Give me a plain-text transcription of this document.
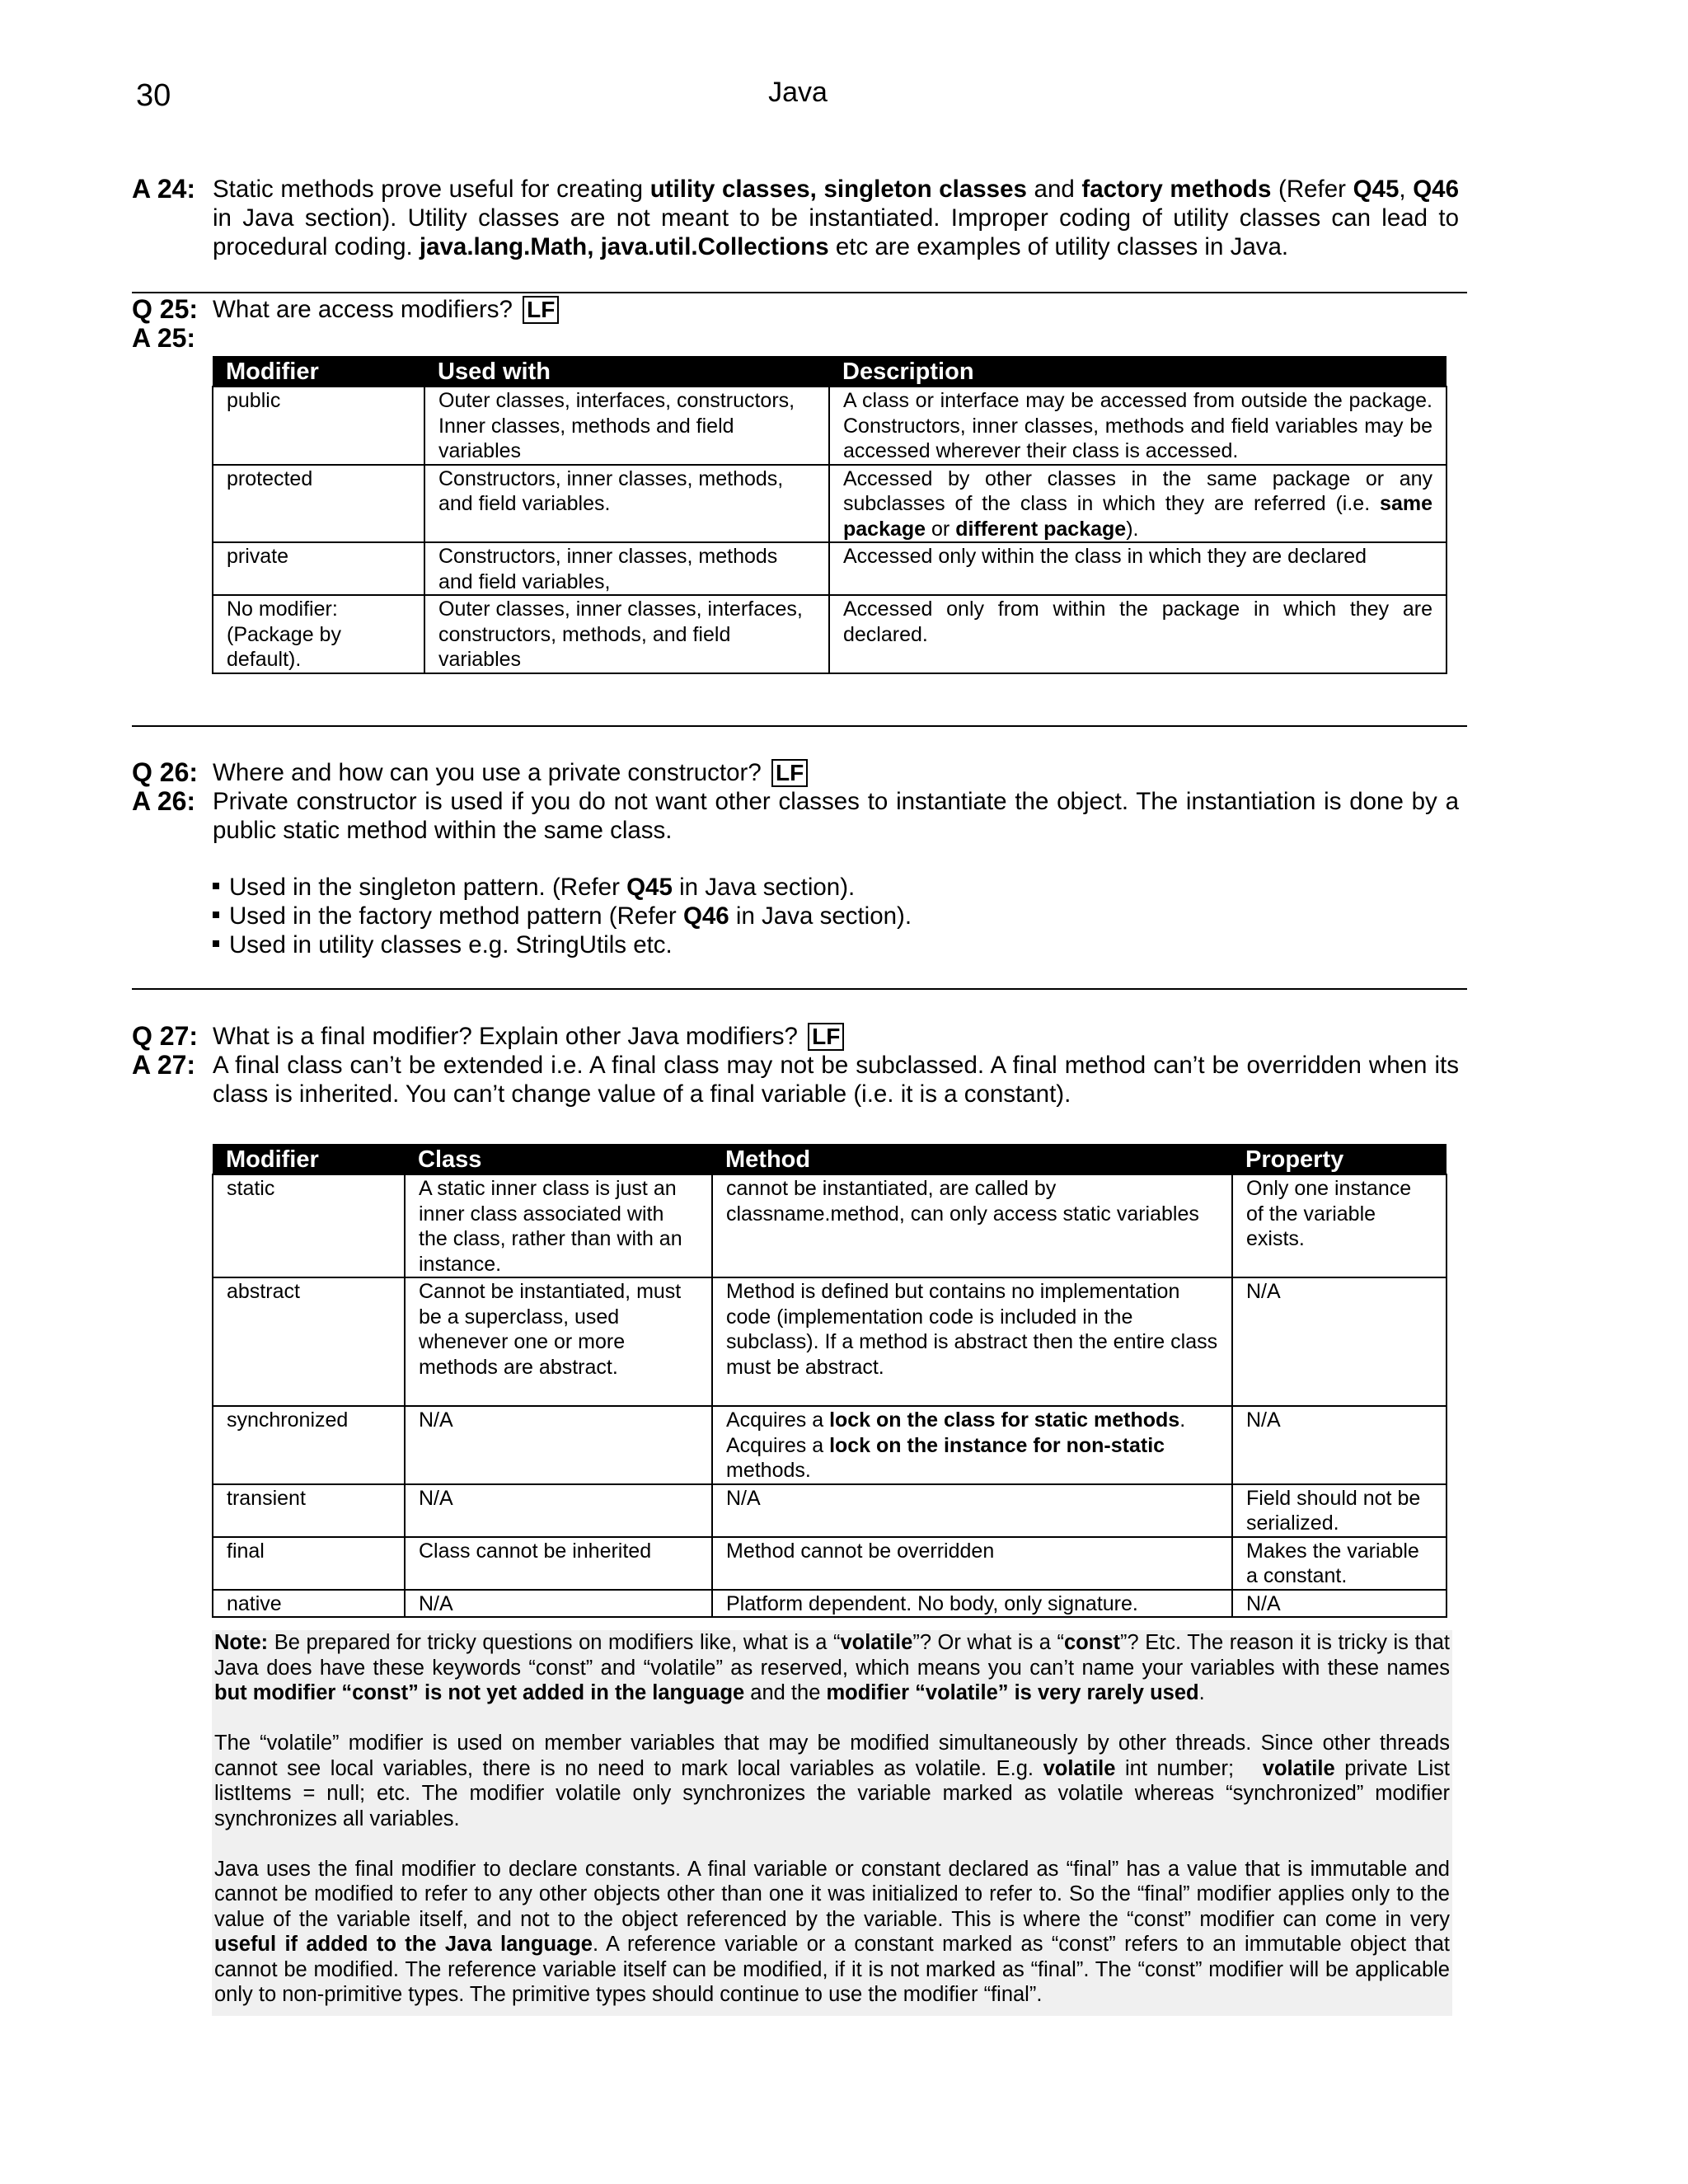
30	Java
A 24: Static methods prove useful for creating utility classes, singleton classes and factory methods (Refer Q45, Q46 in Java section). Utility classes are not meant to be instantiated. Improper coding of utility classes can lead to procedural coding. java.lang.Math, java.util.Collections etc are examples of utility classes in Java.
Q 25: What are access modifiers? LF
A 25:
Modifier	Used with	Description
public	Outer classes, interfaces, constructors, Inner classes, methods and field variables	A class or interface may be accessed from outside the package. Constructors, inner classes, methods and field variables may be accessed wherever their class is accessed.
protected	Constructors, inner classes, methods, and field variables.	Accessed by other classes in the same package or any subclasses of the class in which they are referred (i.e. same package or different package).
private	Constructors, inner classes, methods and field variables,	Accessed only within the class in which they are declared
No modifier: (Package by default).	Outer classes, inner classes, interfaces, constructors, methods, and field variables	Accessed only from within the package in which they are declared.
Q 26: Where and how can you use a private constructor? LF
A 26: Private constructor is used if you do not want other classes to instantiate the object. The instantiation is done by a public static method within the same class.
Used in the singleton pattern. (Refer Q45 in Java section).
Used in the factory method pattern (Refer Q46 in Java section).
Used in utility classes e.g. StringUtils etc.
Q 27: What is a final modifier? Explain other Java modifiers? LF
A 27: A final class can’t be extended i.e. A final class may not be subclassed. A final method can’t be overridden when its class is inherited. You can’t change value of a final variable (i.e. it is a constant).
Modifier	Class	Method	Property
static	A static inner class is just an inner class associated with the class, rather than with an instance.	cannot be instantiated, are called by classname.method, can only access static variables	Only one instance of the variable exists.
abstract	Cannot be instantiated, must be a superclass, used whenever one or more methods are abstract.	Method is defined but contains no implementation code (implementation code is included in the subclass). If a method is abstract then the entire class must be abstract.	N/A
synchronized	N/A	Acquires a lock on the class for static methods. Acquires a lock on the instance for non-static methods.	N/A
transient	N/A	N/A	Field should not be serialized.
final	Class cannot be inherited	Method cannot be overridden	Makes the variable a constant.
native	N/A	Platform dependent. No body, only signature.	N/A

Note: Be prepared for tricky questions on modifiers like, what is a “volatile”? Or what is a “const”? Etc. The reason it is tricky is that Java does have these keywords “const” and “volatile” as reserved, which means you can’t name your variables with these names but modifier “const” is not yet added in the language and the modifier “volatile” is very rarely used.

The “volatile” modifier is used on member variables that may be modified simultaneously by other threads. Since other threads cannot see local variables, there is no need to mark local variables as volatile. E.g. volatile int number;   volatile private List listItems = null; etc. The modifier volatile only synchronizes the variable marked as volatile whereas “synchronized” modifier synchronizes all variables.

Java uses the final modifier to declare constants. A final variable or constant declared as “final” has a value that is immutable and cannot be modified to refer to any other objects other than one it was initialized to refer to. So the “final” modifier applies only to the value of the variable itself, and not to the object referenced by the variable. This is where the “const” modifier can come in very useful if added to the Java language. A reference variable or a constant marked as “const” refers to an immutable object that cannot be modified. The reference variable itself can be modified, if it is not marked as “final”. The “const” modifier will be applicable only to non-primitive types. The primitive types should continue to use the modifier “final”.
